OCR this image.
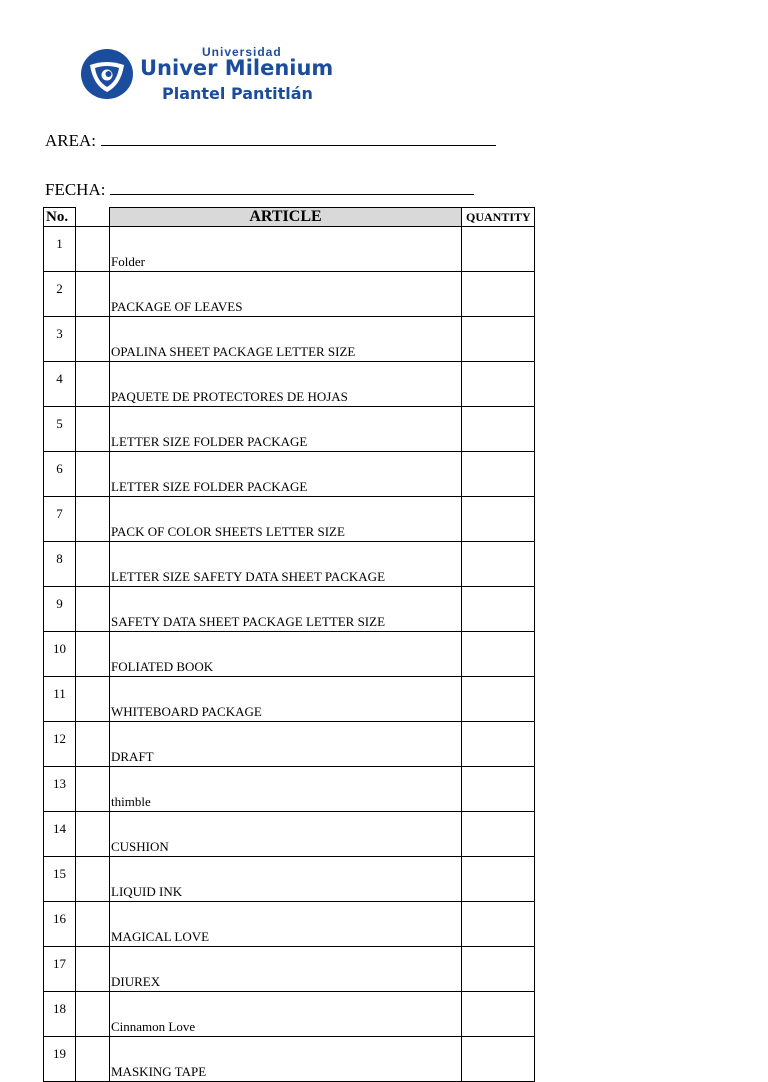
Universidad
Univer Milenium
Plantel Pantitlán
AREA:
FECHA:
No.		ARTICLE	QUANTITY
1		Folder	
2		PACKAGE OF LEAVES	
3		OPALINA SHEET PACKAGE LETTER SIZE	
4		PAQUETE DE PROTECTORES DE HOJAS	
5		LETTER SIZE FOLDER PACKAGE	
6		LETTER SIZE FOLDER PACKAGE	
7		PACK OF COLOR SHEETS LETTER SIZE	
8		LETTER SIZE SAFETY DATA SHEET PACKAGE	
9		SAFETY DATA SHEET PACKAGE LETTER SIZE	
10		FOLIATED BOOK	
11		WHITEBOARD PACKAGE	
12		DRAFT	
13		thimble	
14		CUSHION	
15		LIQUID INK	
16		MAGICAL LOVE	
17		DIUREX	
18		Cinnamon Love	
19		MASKING TAPE	
